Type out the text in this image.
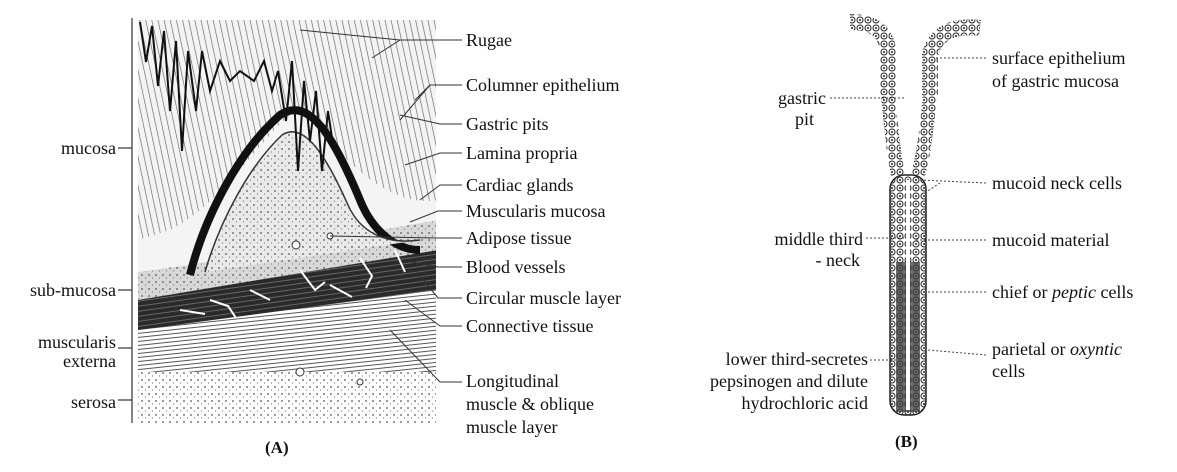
mucosa
sub-mucosa
muscularis
externa
serosa
Rugae
Columner epithelium
Gastric pits
Lamina propria
Cardiac glands
Muscularis mucosa
Adipose tissue
Blood vessels
Circular muscle layer
Connective tissue
Longitudinal
muscle & oblique
muscle layer
(A)
gastric
pit
middle third
- neck
lower third-secretes
pepsinogen and dilute
hydrochloric acid
surface epithelium
of gastric mucosa
mucoid neck cells
mucoid material
chief or peptic cells
parietal or oxyntic
cells
(B)
